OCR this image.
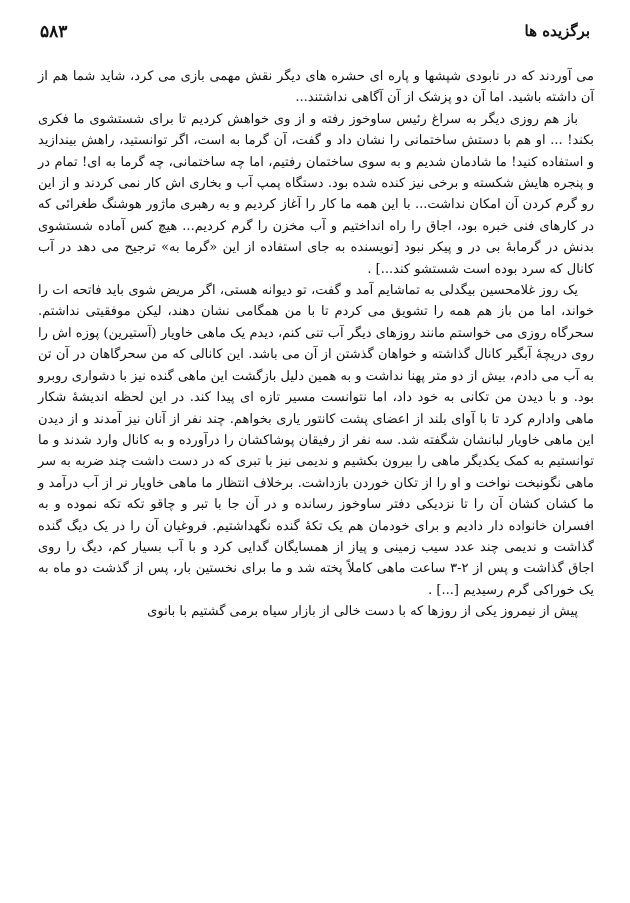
برگزیده ها
۵۸۳

می آوردند که در نابودی شپشها و پاره ای حشره های دیگر نقش مهمی بازی می کرد، شاید شما هم از آن داشته باشید. اما آن دو پزشک از آن آگاهی نداشتند...

باز هم روزی دیگر به سراغ رئیس ساوخوز رفته و از وی خواهش کردیم تا برای شستشوی ما فکری بکند! ... او هم با دستش ساختمانی را نشان داد و گفت، آن گرما به است، اگر توانستید، راهش بیندازید و استفاده کنید! ما شادمان شدیم و به سوی ساختمان رفتیم، اما چه ساختمانی، چه گرما به ای! تمام در و پنجره هایش شکسته و برخی نیز کنده شده بود. دستگاه پمپ آب و بخاری اش کار نمی کردند و از این رو گرم کردن آن امکان نداشت... با این همه ما کار را آغاز کردیم و به رهبری ماژور هوشنگ طغرائی که در کارهای فنی خبره بود، اجاق را راه انداختیم و آب مخزن را گرم کردیم... هیچ کس آماده شستشوی بدنش در گرمابهٔ بی در و پیکر نبود [نویسنده به جای استفاده از این «گرما به» ترجیح می دهد در آب کانال که سرد بوده است شستشو کند...] .

یک روز غلامحسین بیگدلی به تماشایم آمد و گفت، تو دیوانه هستی، اگر مریض شوی باید فاتحه ات را خواند، اما من باز هم همه را تشویق می کردم تا با من همگامی نشان دهند، لیکن موفقیتی نداشتم. سحرگاه روزی می خواستم مانند روزهای دیگر آب تنی کنم، دیدم یک ماهی خاویار (آستیرین) پوزه اش را روی دریچهٔ آبگیر کانال گذاشته و خواهان گذشتن از آن می باشد. این کانالی که من سحرگاهان در آن تن به آب می دادم، بیش از دو متر پهنا نداشت و به همین دلیل بازگشت این ماهی گنده نیز با دشواری روبرو بود. و با دیدن من تکانی به خود داد، اما نتوانست مسیر تازه ای پیدا کند. در این لحظه اندیشهٔ شکار ماهی وادارم کرد تا با آوای بلند از اعضای پشت کانتور یاری بخواهم. چند نفر از آنان نیز آمدند و از دیدن این ماهی خاویار لبانشان شگفته شد. سه نفر از رفیقان پوشاکشان را درآورده و به کانال وارد شدند و ما توانستیم به کمک یکدیگر ماهی را بیرون بکشیم و ندیمی نیز با تبری که در دست داشت چند ضربه به سر ماهی نگونبخت نواخت و او را از تکان خوردن بازداشت. برخلاف انتظار ما ماهی خاویار نر از آب درآمد و ما کشان کشان آن را تا نزدیکی دفتر ساوخوز رسانده و در آن جا با تبر و چاقو تکه تکه نموده و به افسران خانواده دار دادیم و برای خودمان هم یک تکهٔ گنده نگهداشتیم. فروغیان آن را در یک دیگ گنده گذاشت و ندیمی چند عدد سیب زمینی و پیاز از همسایگان گدایی کرد و با آب بسیار کم، دیگ را روی اجاق گذاشت و پس از ۲-۳ ساعت ماهی کاملاً پخته شد و ما برای نخستین بار، پس از گذشت دو ماه به یک خوراکی گرم رسیدیم [...] .

پیش از نیمروز یکی از روزها که با دست خالی از بازار سیاه برمی گشتیم با بانوی
